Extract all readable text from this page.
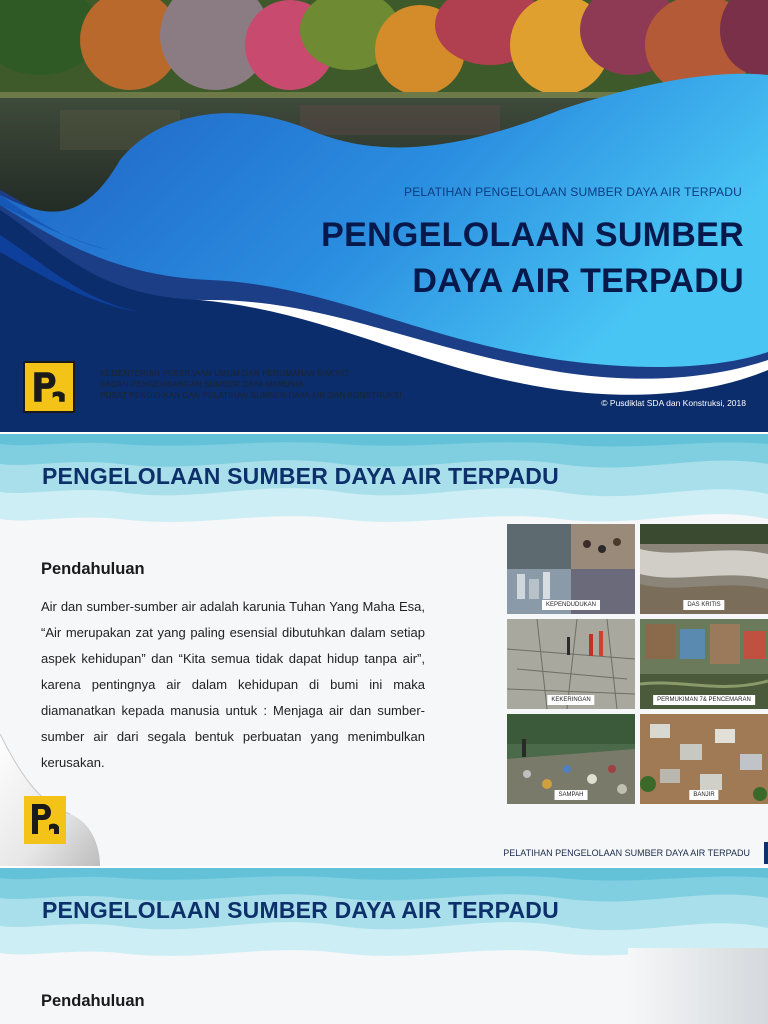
PELATIHAN PENGELOLAAN SUMBER DAYA AIR TERPADU
PENGELOLAAN SUMBER
DAYA AIR TERPADU
KEMENTERIAN PEKERJAAN UMUM DAN PERUMAHAN RAKYAT
BADAN PENGEMBANGAN SUMBER DAYA MANUSIA
PUSAT PENDIDIKAN DAN PELATIHAN SUMBER DAYA AIR DAN KONSTRUKSI
© Pusdiklat SDA dan Konstruksi, 2018
PENGELOLAAN SUMBER DAYA AIR TERPADU
Pendahuluan

Air dan sumber-sumber air adalah karunia Tuhan Yang Maha Esa, “Air merupakan zat yang paling esensial dibutuhkan dalam setiap aspek kehidupan” dan “Kita semua tidak dapat hidup tanpa air”, karena pentingnya air dalam kehidupan di bumi ini maka diamanatkan kepada manusia untuk : Menjaga air dan sumber-sumber air dari segala bentuk perbuatan yang menimbulkan kerusakan.

KEPENDUDUKAN	DAS KRITIS
KEKERINGAN	PERMUKIMAN 7& PENCEMARAN
SAMPAH	BANJIR
PELATIHAN PENGELOLAAN SUMBER DAYA AIR TERPADU
PENGELOLAAN SUMBER DAYA AIR TERPADU
Pendahuluan
